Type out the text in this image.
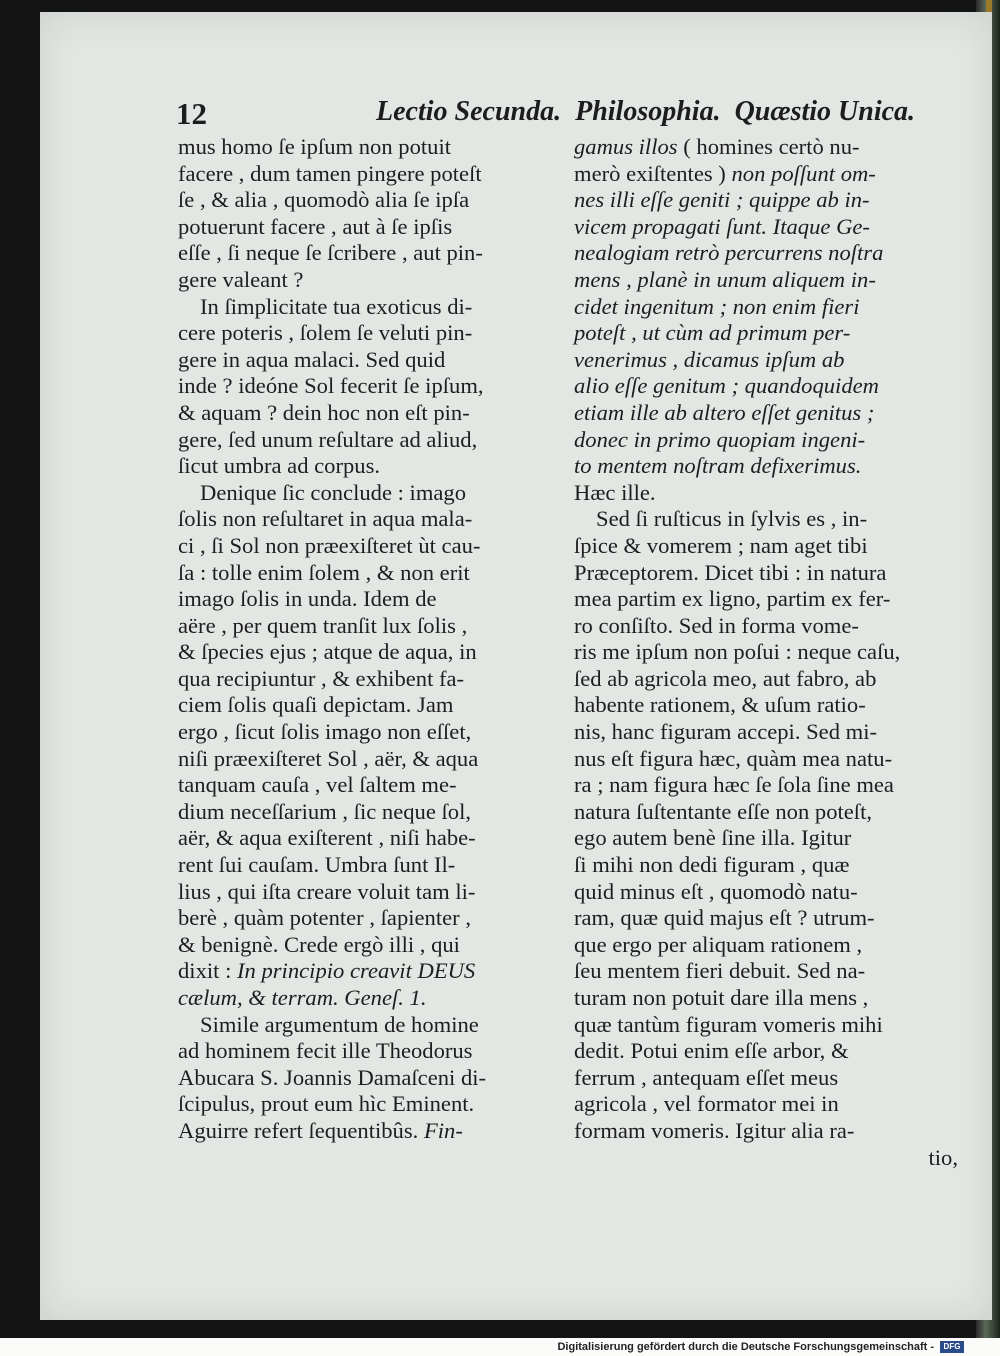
12	Lectio Secunda.  Philosophia.  Quæstio Unica.
mus homo ſe ipſum non potuit
facere , dum tamen pingere poteſt
ſe , & alia , quomodò alia ſe ipſa
potuerunt facere , aut à ſe ipſis
eſſe , ſi neque ſe ſcribere , aut pin-
gere valeant ?
In ſimplicitate tua exoticus di-
cere poteris , ſolem ſe veluti pin-
gere in aqua malaci. Sed quid
inde ? ideóne Sol fecerit ſe ipſum,
& aquam ? dein hoc non eſt pin-
gere, ſed unum reſultare ad aliud,
ſicut umbra ad corpus.
Denique ſic conclude : imago
ſolis non reſultaret in aqua mala-
ci , ſi Sol non præexiſteret ùt cau-
ſa : tolle enim ſolem , & non erit
imago ſolis in unda. Idem de
aëre , per quem tranſit lux ſolis ,
& ſpecies ejus ; atque de aqua, in
qua recipiuntur , & exhibent fa-
ciem ſolis quaſi depictam. Jam
ergo , ſicut ſolis imago non eſſet,
niſi præexiſteret Sol , aër, & aqua
tanquam cauſa , vel ſaltem me-
dium neceſſarium , ſic neque ſol,
aër, & aqua exiſterent , niſi habe-
rent ſui cauſam. Umbra ſunt Il-
lius , qui iſta creare voluit tam li-
berè , quàm potenter , ſapienter ,
& benignè. Crede ergò illi , qui
dixit : In principio creavit DEUS
cælum, & terram. Geneſ. 1.
Simile argumentum de homine
ad hominem fecit ille Theodorus
Abucara S. Joannis Damaſceni di-
ſcipulus, prout eum hìc Eminent.
Aguirre refert ſequentibûs. Fin-
gamus illos ( homines certò nu-
merò exiſtentes ) non poſſunt om-
nes illi eſſe geniti ; quippe ab in-
vicem propagati ſunt. Itaque Ge-
nealogiam retrò percurrens noſtra
mens , planè in unum aliquem in-
cidet ingenitum ; non enim fieri
poteſt , ut cùm ad primum per-
venerimus , dicamus ipſum ab
alio eſſe genitum ; quandoquidem
etiam ille ab altero eſſet genitus ;
donec in primo quopiam ingeni-
to mentem noſtram defixerimus.
Hæc ille.
Sed ſi ruſticus in ſylvis es , in-
ſpice & vomerem ; nam aget tibi
Præceptorem. Dicet tibi : in natura
mea partim ex ligno, partim ex fer-
ro conſiſto. Sed in forma vome-
ris me ipſum non poſui : neque caſu,
ſed ab agricola meo, aut fabro, ab
habente rationem, & uſum ratio-
nis, hanc figuram accepi. Sed mi-
nus eſt figura hæc, quàm mea natu-
ra ; nam figura hæc ſe ſola ſine mea
natura ſuſtentante eſſe non poteſt,
ego autem benè ſine illa. Igitur
ſi mihi non dedi figuram , quæ
quid minus eſt , quomodò natu-
ram, quæ quid majus eſt ? utrum-
que ergo per aliquam rationem ,
ſeu mentem fieri debuit. Sed na-
turam non potuit dare illa mens ,
quæ tantùm figuram vomeris mihi
dedit. Potui enim eſſe arbor, &
ferrum , antequam eſſet meus
agricola , vel formator mei in
formam vomeris. Igitur alia ra-
tio,
Digitalisierung gefördert durch die Deutsche Forschungsgemeinschaft -	DFG
